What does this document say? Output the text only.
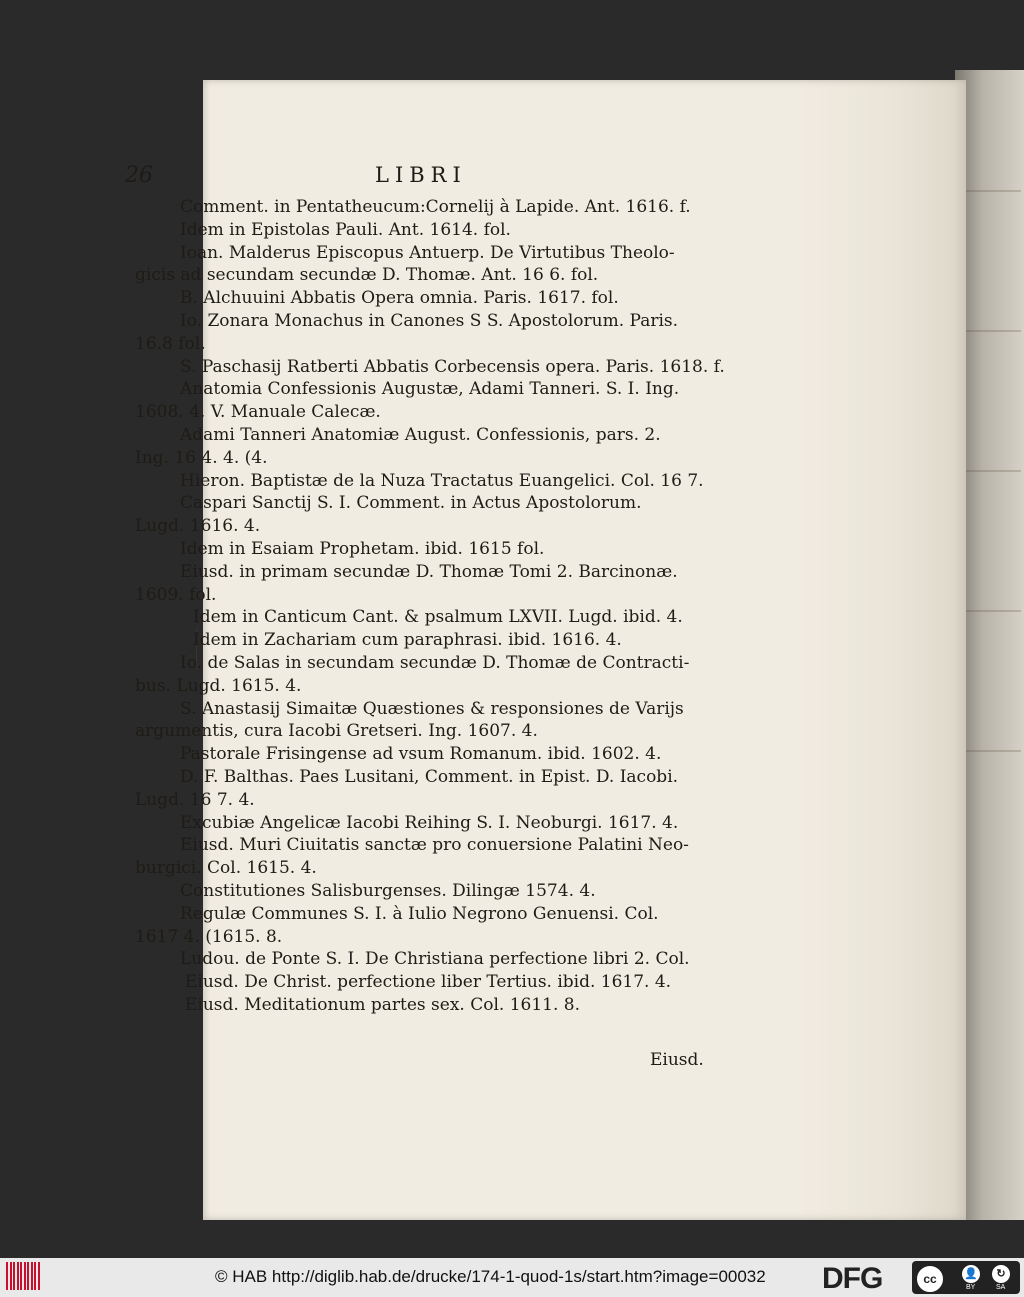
26	LIBRI
Comment. in Pentatheucum:Cornelij à Lapide. Ant. 1616. f.
Idem in Epistolas Pauli. Ant. 1614. fol.
Ioan. Malderus Episcopus Antuerp. De Virtutibus Theolo-
gicis ad secundam secundæ D. Thomæ. Ant. 16 6. fol.
B. Alchuuini Abbatis Opera omnia. Paris. 1617. fol.
Io. Zonara Monachus in Canones S S. Apostolorum. Paris.
16.8 fol.
S. Paschasij Ratberti Abbatis Corbecensis opera. Paris. 1618. f.
Anatomia Confessionis Augustæ, Adami Tanneri. S. I. Ing.
1608. 4. V. Manuale Calecæ.
Adami Tanneri Anatomiæ August. Confessionis, pars. 2.
Ing. 16 4. 4. (4.
Hieron. Baptistæ de la Nuza Tractatus Euangelici. Col. 16 7.
Caspari Sanctij S. I. Comment. in Actus Apostolorum.
Lugd. 1616. 4.
Idem in Esaiam Prophetam. ibid. 1615 fol.
Eiusd. in primam secundæ D. Thomæ Tomi 2. Barcinonæ.
1609. fol.
Idem in Canticum Cant. & psalmum LXVII. Lugd. ibid. 4.
Idem in Zachariam cum paraphrasi. ibid. 1616. 4.
Io. de Salas in secundam secundæ D. Thomæ de Contracti-
bus. Lugd. 1615. 4.
S. Anastasij Simaitæ Quæstiones & responsiones de Varijs
argumentis, cura Iacobi Gretseri. Ing. 1607. 4.
Pastorale Frisingense ad vsum Romanum. ibid. 1602. 4.
D. F. Balthas. Paes Lusitani, Comment. in Epist. D. Iacobi.
Lugd. 16 7. 4.
Excubiæ Angelicæ Iacobi Reihing S. I. Neoburgi. 1617. 4.
Eiusd. Muri Ciuitatis sanctæ pro conuersione Palatini Neo-
burgici. Col. 1615. 4.
Constitutiones Salisburgenses. Dilingæ 1574. 4.
Regulæ Communes S. I. à Iulio Negrono Genuensi. Col.
1617 4. (1615. 8.
Ludou. de Ponte S. I. De Christiana perfectione libri 2. Col.
Eiusd. De Christ. perfectione liber Tertius. ibid. 1617. 4.
Eiusd. Meditationum partes sex. Col. 1611. 8.
Eiusd.
© HAB http://diglib.hab.de/drucke/174-1-quod-1s/start.htm?image=00032 DFG	cc	👤	↻
BY	SA
